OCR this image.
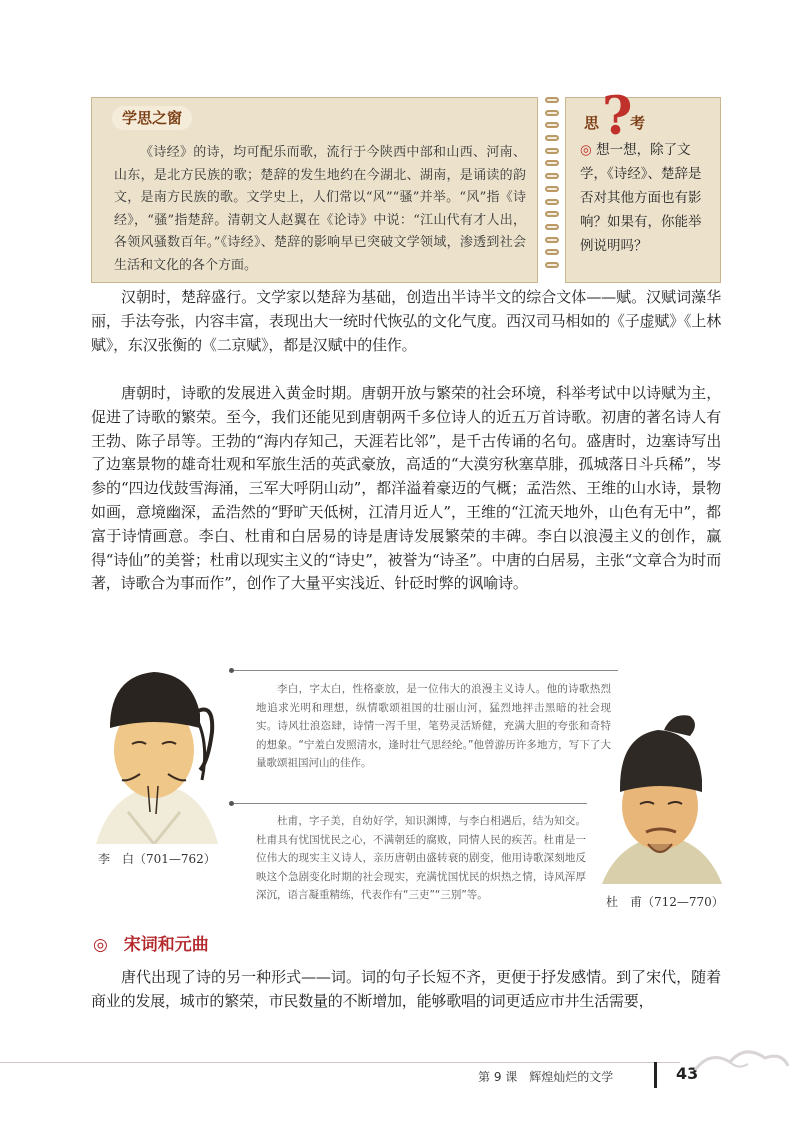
学思之窗
《诗经》的诗，均可配乐而歌，流行于今陕西中部和山西、河南、山东，是北方民族的歌；楚辞的发生地约在今湖北、湖南，是诵读的韵文，是南方民族的歌。文学史上，人们常以“风”“骚”并举。“风”指《诗经》，“骚”指楚辞。清朝文人赵翼在《论诗》中说：“江山代有才人出，各领风骚数百年。”《诗经》、楚辞的影响早已突破文学领域，渗透到社会生活和文化的各个方面。
思 ?
考
◎ 想一想，除了文学，《诗经》、楚辞是否对其他方面也有影响？如果有，你能举例说明吗？

汉朝时，楚辞盛行。文学家以楚辞为基础，创造出半诗半文的综合文体——赋。汉赋词藻华丽，手法夸张，内容丰富，表现出大一统时代恢弘的文化气度。西汉司马相如的《子虚赋》《上林赋》，东汉张衡的《二京赋》，都是汉赋中的佳作。

唐朝时，诗歌的发展进入黄金时期。唐朝开放与繁荣的社会环境，科举考试中以诗赋为主，促进了诗歌的繁荣。至今，我们还能见到唐朝两千多位诗人的近五万首诗歌。初唐的著名诗人有王勃、陈子昂等。王勃的“海内存知己，天涯若比邻”，是千古传诵的名句。盛唐时，边塞诗写出了边塞景物的雄奇壮观和军旅生活的英武豪放，高适的“大漠穷秋塞草腓，孤城落日斗兵稀”，岑参的“四边伐鼓雪海涌，三军大呼阴山动”，都洋溢着豪迈的气概；孟浩然、王维的山水诗，景物如画，意境幽深，孟浩然的“野旷天低树，江清月近人”，王维的“江流天地外，山色有无中”，都 富于诗情画意。李白、杜甫和白居易的诗是唐诗发展繁荣的丰碑。李白以浪漫主义的创作，赢得“诗仙”的美誉；杜甫以现实主义的“诗史”，被誉为“诗圣”。中唐的白居易，主张“文章合为时而著，诗歌合为事而作”，创作了大量平实浅近、针砭时弊的讽喻诗。

李　白（701—762）
李白，字太白，性格豪放，是一位伟大的浪漫主义诗人。他的诗歌热烈地追求光明和理想，纵情歌颂祖国的壮丽山河，猛烈地抨击黑暗的社会现实。诗风壮浪恣肆，诗情一泻千里，笔势灵活矫健，充满大胆的夸张和奇特的想象。“宁羞白发照清水，逢时壮气思经纶。”他曾游历许多地方，写下了大量歌颂祖国河山的佳作。
杜甫，字子美，自幼好学，知识渊博，与李白相遇后，结为知交。杜甫具有忧国忧民之心，不满朝廷的腐败，同情人民的疾苦。杜甫是一位伟大的现实主义诗人，亲历唐朝由盛转衰的剧变，他用诗歌深刻地反映这个急剧变化时期的社会现实，充满忧国忧民的炽热之情，诗风浑厚深沉，语言凝重精练，代表作有“三吏”“三别”等。	杜　甫（712—770）
◎ 宋词和元曲

唐代出现了诗的另一种形式——词。词的句子长短不齐，更便于抒发感情。到了宋代，随着商业的发展，城市的繁荣，市民数量的不断增加，能够歌唱的词更适应市井生活需要，

第 9 课　辉煌灿烂的文学	43
